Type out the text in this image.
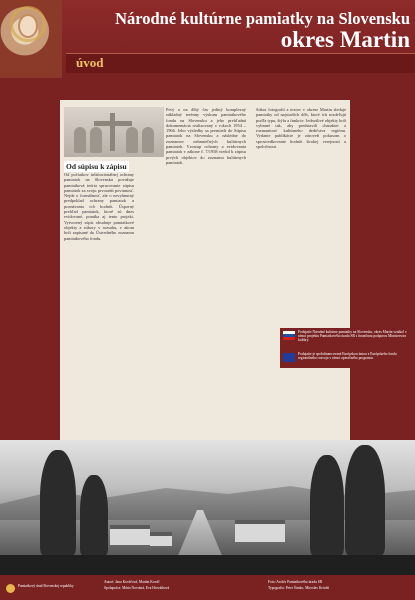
Národné kultúrne pamiatky na Slovensku
okres Martin
úvod
Od súpisu k zápisu
Od počiatkov inštitucionálnej ochrany pamiatok na Slovensku považuje pamiatková teória spracovanie súpisu pamiatok za svoju prvoradú povinnosť. Nejde o formálnosť, ale o nevyhnutný predpoklad ochrany pamiatok a poznávania ich hodnôt. Úsporný prehľad pamiatok, ktoré sú dnes evidované, ponúka aj tento projekt. Vytvorený súpis obsahuje pamiatkové objekty a súbory v rozsahu, v akom boli zapísané do Ústredného zoznamu pamiatkového fondu.
Prvý a na dlhý čas jediný komplexný základný terénny výskum pamiatkového fondu na Slovensku a jeho prehľadná dokumentácia realizovaný v rokoch 1954 – 1966. Jeho výsledky sa premietli do Súpisu pamiatok na Slovensku a následne do zoznamov nehnuteľných kultúrnych pamiatok. Vzostup ochrany a evidovania pamiatok v zákone č. 7/1958 viedol k zápisu prvých objektov do zoznamu kultúrnych pamiatok.
Súbor fotografií a textov v okrese Martin sleduje pamiatky od najstarších dôb, ktoré ich rozdeľujú podľa typu, štýlu a funkcie. Jednotlivé objekty boli vybrané tak, aby predstavili charakter a rozmanitosť kultúrneho dedičstva regiónu. Vydanie publikácie je zároveň pokusom o sprostredkovanie hodnôt širokej verejnosti a spoločnosti.
Podujatie Národné kultúrne pamiatky na Slovensku, okres Martin vznikol v rámci projektu Pamiatkového úradu SR s finančnou podporou Ministerstva kultúry.
Podujatie je spolufinancované Európskou úniou z Európskeho fondu regionálneho rozvoja v rámci operačného programu.
Pamiatkový úrad Slovenskej republiky
Autori: Jana Kováčová, Marián Kováč
Spolupráca: Mária Novotná, Eva Horváthová
Foto: Archív Pamiatkového úradu SR
Typografia: Peter Šimko, Miroslav Kriváň
